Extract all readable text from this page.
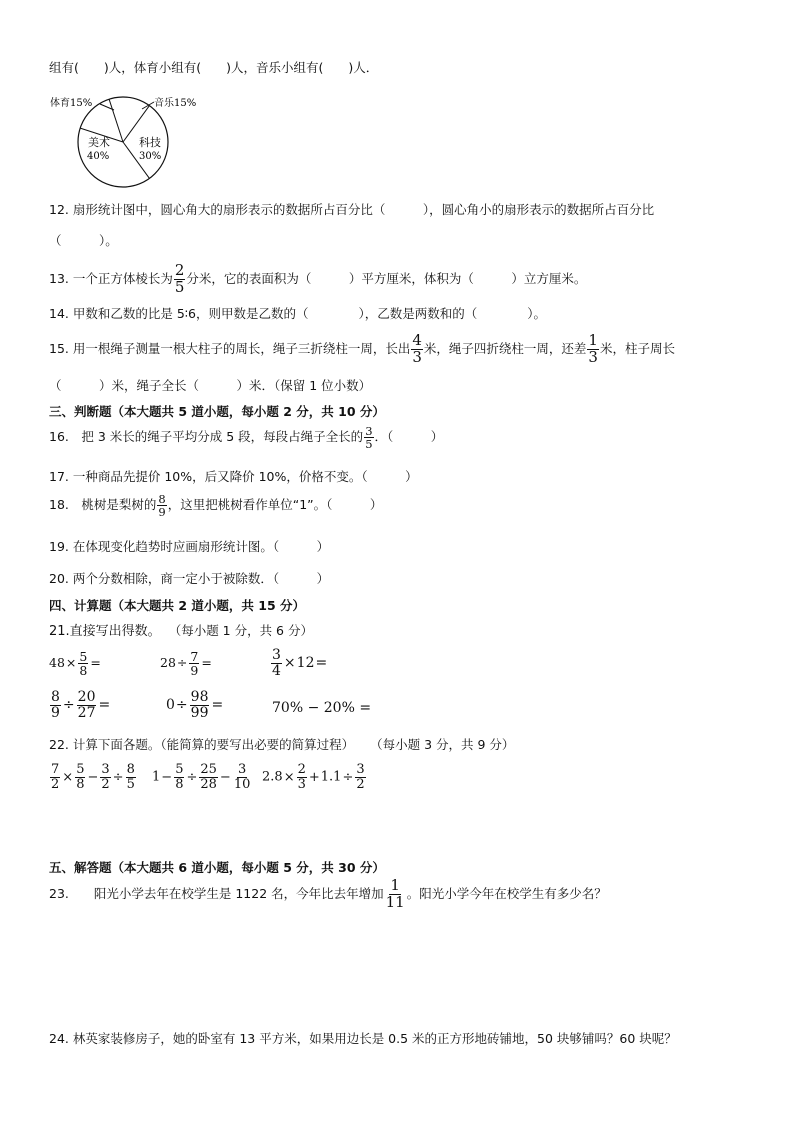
组有(　　)人，体育小组有(　　)人，音乐小组有(　　)人．
体育15%	音乐15%
美术
40%
科技
30%
12. 扇形统计图中，圆心角大的扇形表示的数据所占百分比（　　　），圆心角小的扇形表示的数据所占百分比
（　　　）。
13. 一个正方体棱长为 $\frac{2}{5}$ 分米，它的表面积为（　　　）平方厘米，体积为（　　　）立方厘米。
14. 甲数和乙数的比是 5∶6，则甲数是乙数的（　　　　），乙数是两数和的（　　　　）。
15. 用一根绳子测量一根大柱子的周长，绳子三折绕柱一周，长出 $\frac{4}{3}$ 米，绳子四折绕柱一周，还差 $\frac{1}{3}$ 米，柱子周长
（　　　）米，绳子全长（　　　）米．（保留 1 位小数）
三、判断题（本大题共 5 道小题，每小题 2 分，共 10 分）
16.　把 3 米长的绳子平均分成 5 段，每段占绳子全长的 $\frac{3}{5}$ ．（　　　）
17. 一种商品先提价 10%，后又降价 10%，价格不变。（　　　）
18.　桃树是梨树的 $\frac{8}{9}$ ，这里把桃树看作单位“1”。（　　　）
19. 在体现变化趋势时应画扇形统计图。（　　　）
20. 两个分数相除，商一定小于被除数．（　　　）
四、计算题（本大题共 2 道小题，共 15 分）
21.直接写出得数。 （每小题 1 分，共 6 分）
$48\times \frac{5}{8}$ =	$28\div \frac{7}{9}$ =	$\frac{3}{4} \times 12=$
$\frac{8}{9} \div \frac{20}{27}$ =	$0\div \frac{98}{99}$ =	70% − 20% =
22. 计算下面各题。（能简算的要写出必要的简算过程） （每小题 3 分，共 9 分）
$\frac{7}{2} \times \frac{5}{8} - \frac{3}{2} \div \frac{8}{5} 1- \frac{5}{8} \div \frac{25}{28} - \frac{3}{10} 2.8\times \frac{2}{3} +1.1\div \frac{3}{2}$
五、解答题（本大题共 6 道小题，每小题 5 分，共 30 分）
23.　　阳光小学去年在校学生是 1122 名，今年比去年增加 $\frac{1}{11}$ 。阳光小学今年在校学生有多少名？
24. 林英家装修房子，她的卧室有 13 平方米，如果用边长是 0.5 米的正方形地砖铺地，50 块够铺吗？60 块呢？
